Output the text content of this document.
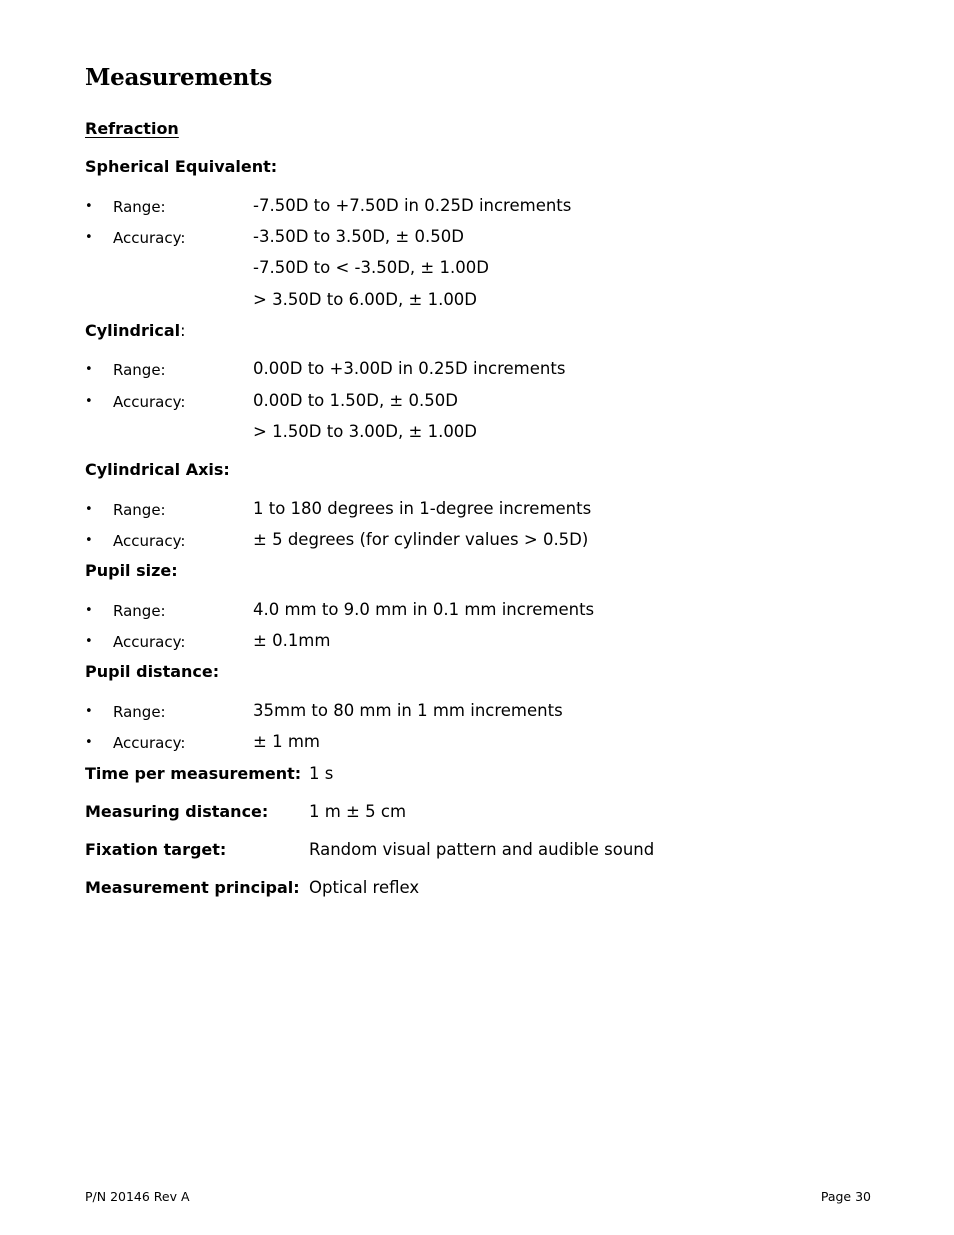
Measurements
Refraction
Spherical Equivalent:
• Range:	-7.50D to +7.50D in 0.25D increments
• Accuracy:	-3.50D to 3.50D, ± 0.50D
-7.50D to < -3.50D, ± 1.00D
> 3.50D to 6.00D, ± 1.00D
Cylindrical:
• Range:	0.00D to +3.00D in 0.25D increments
• Accuracy:	0.00D to 1.50D, ± 0.50D
> 1.50D to 3.00D, ± 1.00D
Cylindrical Axis:
• Range:	1 to 180 degrees in 1-degree increments
• Accuracy:	± 5 degrees (for cylinder values > 0.5D)
Pupil size:
• Range:	4.0 mm to 9.0 mm in 0.1 mm increments
• Accuracy:	± 0.1mm
Pupil distance:
• Range:	35mm to 80 mm in 1 mm increments
• Accuracy:	± 1 mm
Time per measurement: 1 s
Measuring distance: 1 m ± 5 cm
Fixation target:	Random visual pattern and audible sound
Measurement principal: Optical reflex
P/N 20146 Rev A	Page 30
